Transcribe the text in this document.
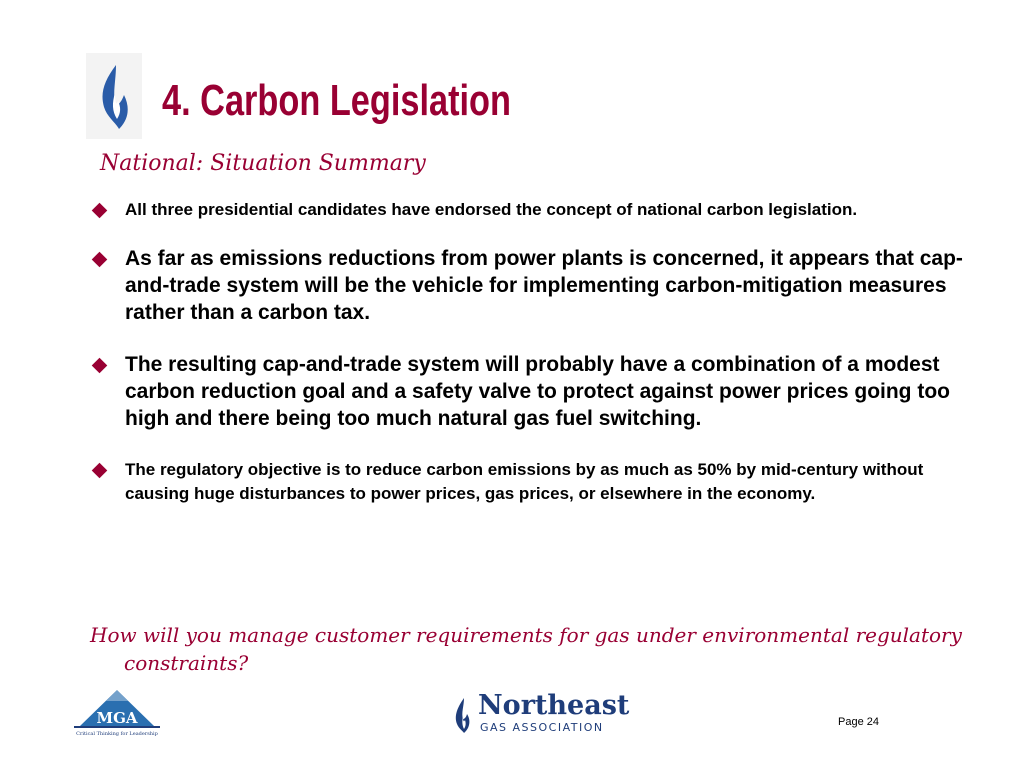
4. Carbon Legislation
National: Situation Summary
All three presidential candidates have endorsed the concept of national carbon legislation.
As far as emissions reductions from power plants is concerned, it appears that cap-and-trade system will be the vehicle for implementing carbon-mitigation measures rather than a carbon tax.
The resulting cap-and-trade system will probably have a combination of a modest carbon reduction goal and a safety valve to protect against power prices going too high and there being too much natural gas fuel switching.
The regulatory objective is to reduce carbon emissions by as much as 50% by mid-century without causing huge disturbances to power prices, gas prices, or elsewhere in the economy.
How will you manage customer requirements for gas under environmental regulatory constraints?
MGA
Critical Thinking for Leadership
Northeast
GAS ASSOCIATION	Page 24
